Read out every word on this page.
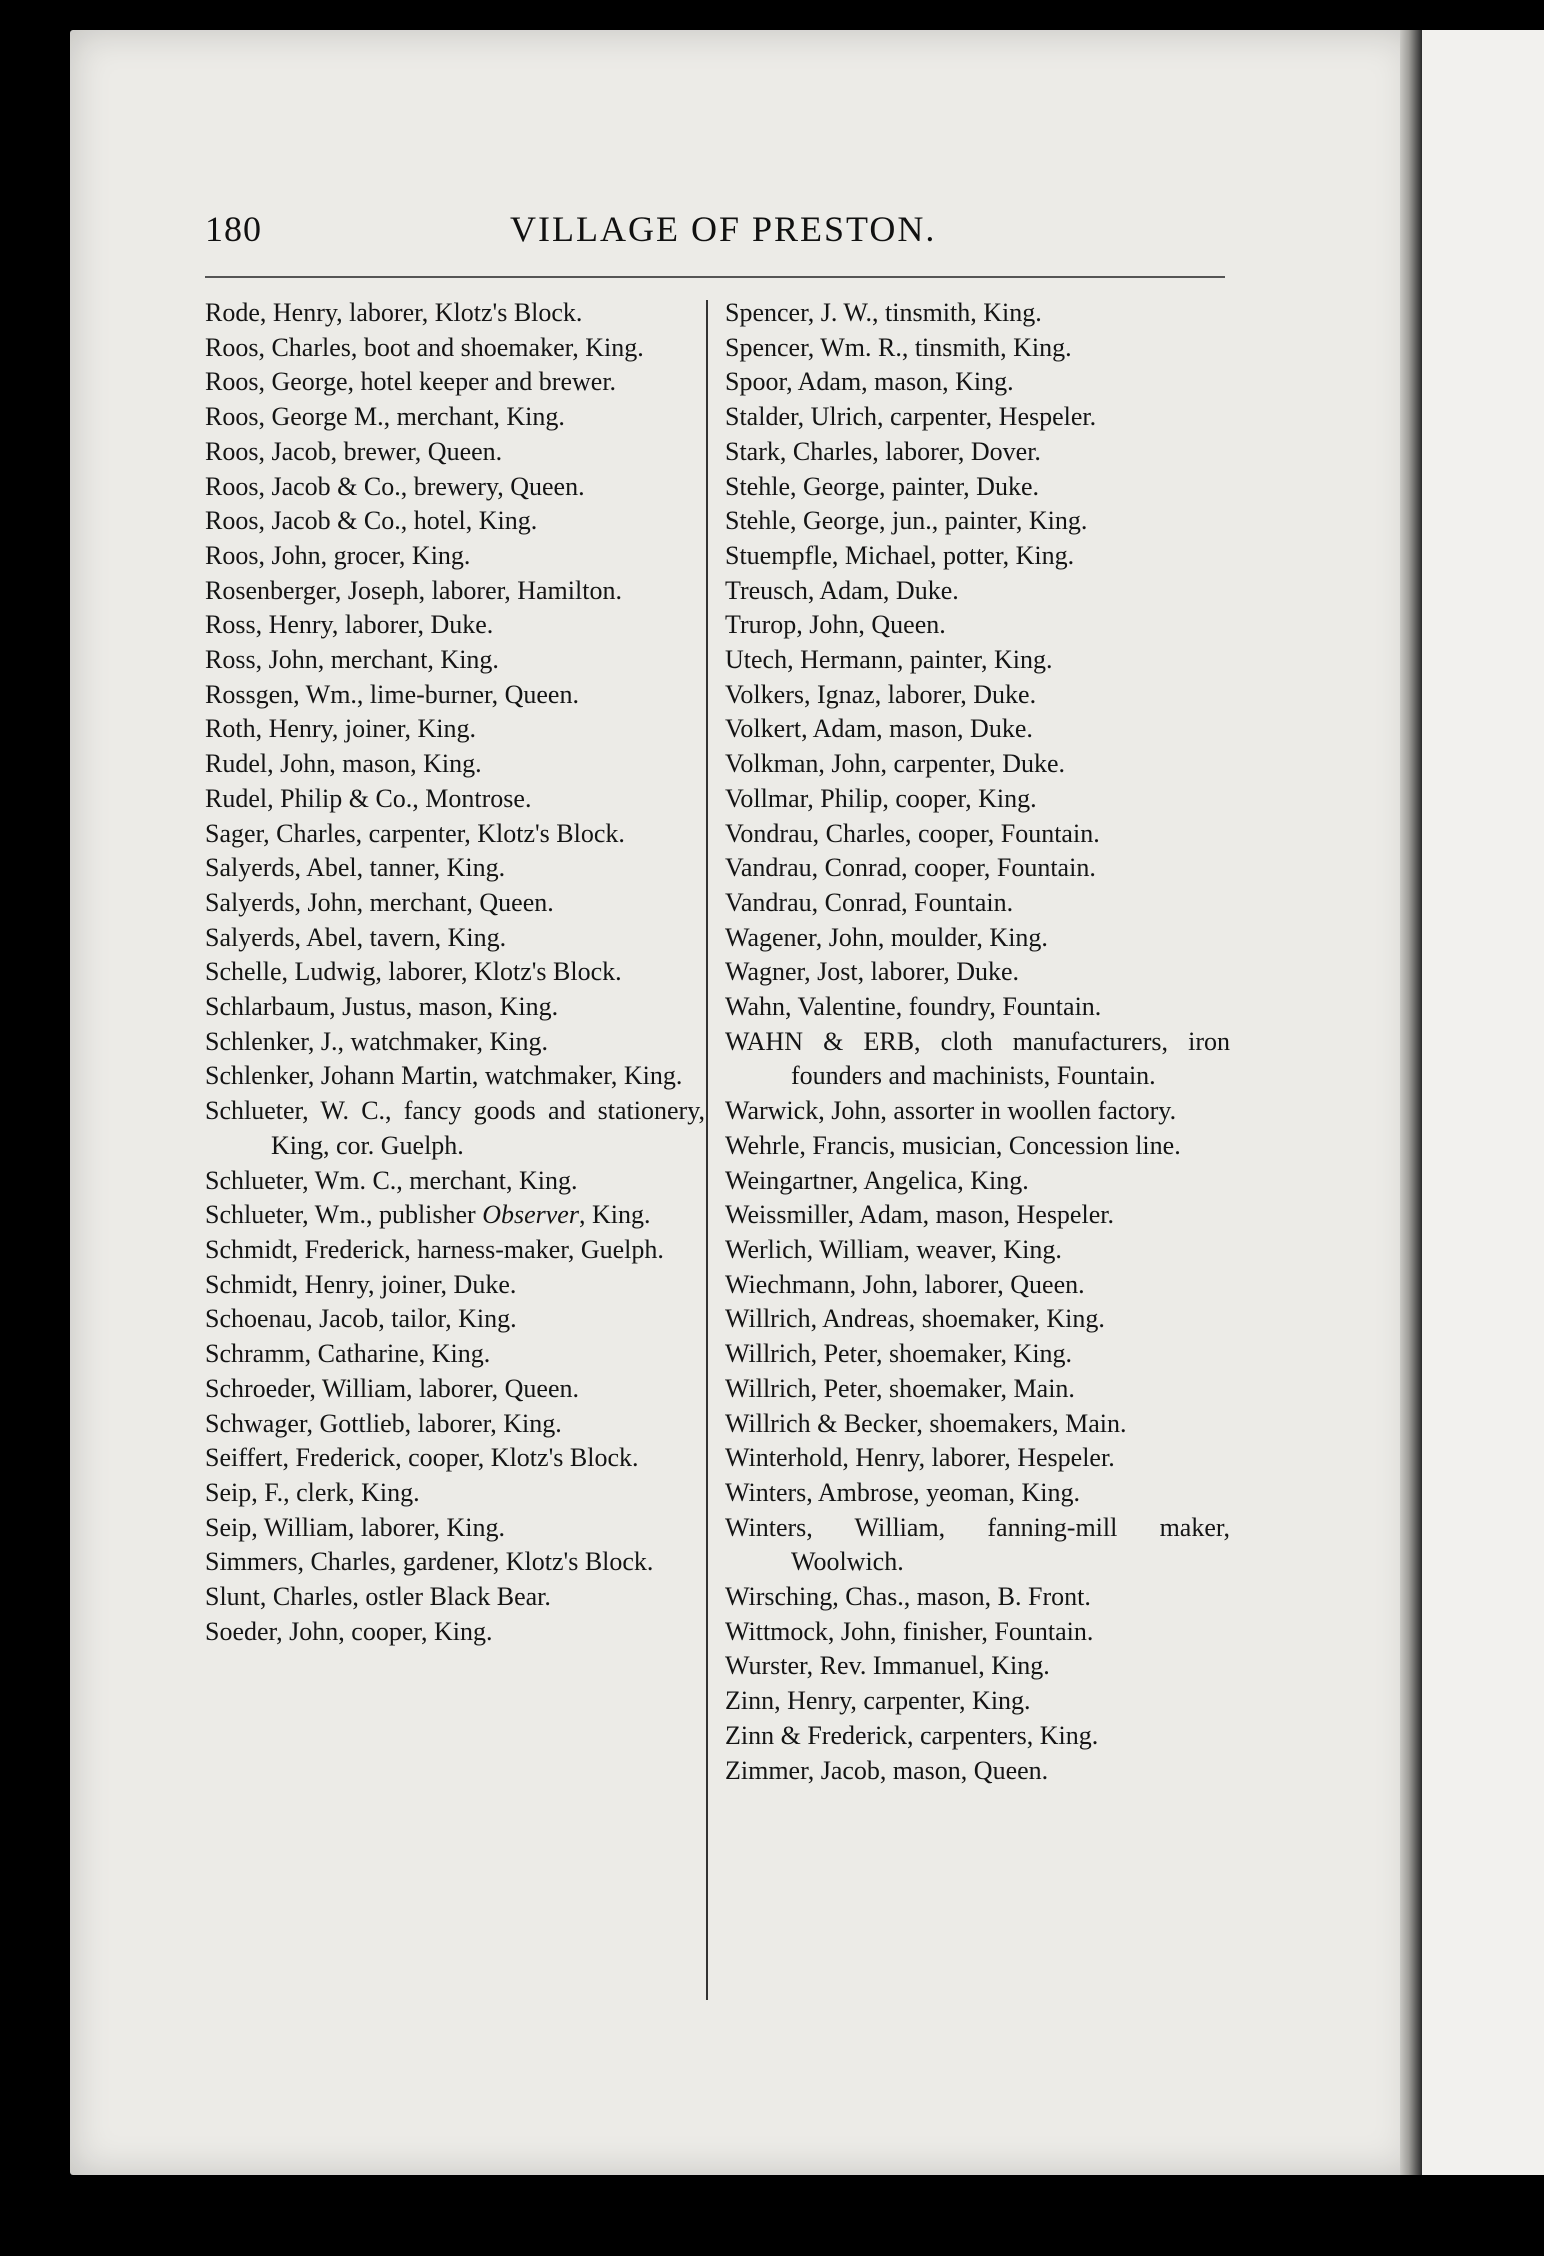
180	VILLAGE OF PRESTON.

Rode, Henry, laborer, Klotz's Block.

Roos, Charles, boot and shoemaker, King.

Roos, George, hotel keeper and brewer.

Roos, George M., merchant, King.

Roos, Jacob, brewer, Queen.

Roos, Jacob & Co., brewery, Queen.

Roos, Jacob & Co., hotel, King.

Roos, John, grocer, King.

Rosenberger, Joseph, laborer, Hamilton.

Ross, Henry, laborer, Duke.

Ross, John, merchant, King.

Rossgen, Wm., lime-burner, Queen.

Roth, Henry, joiner, King.

Rudel, John, mason, King.

Rudel, Philip & Co., Montrose.

Sager, Charles, carpenter, Klotz's Block.

Salyerds, Abel, tanner, King.

Salyerds, John, merchant, Queen.

Salyerds, Abel, tavern, King.

Schelle, Ludwig, laborer, Klotz's Block.

Schlarbaum, Justus, mason, King.

Schlenker, J., watchmaker, King.

Schlenker, Johann Martin, watchmaker, King.

Schlueter, W. C., fancy goods and stationery, King, cor. Guelph.

Schlueter, Wm. C., merchant, King.

Schlueter, Wm., publisher Observer, King.

Schmidt, Frederick, harness-maker, Guelph.

Schmidt, Henry, joiner, Duke.

Schoenau, Jacob, tailor, King.

Schramm, Catharine, King.

Schroeder, William, laborer, Queen.

Schwager, Gottlieb, laborer, King.

Seiffert, Frederick, cooper, Klotz's Block.

Seip, F., clerk, King.

Seip, William, laborer, King.

Simmers, Charles, gardener, Klotz's Block.

Slunt, Charles, ostler Black Bear.

Soeder, John, cooper, King.

Spencer, J. W., tinsmith, King.

Spencer, Wm. R., tinsmith, King.

Spoor, Adam, mason, King.

Stalder, Ulrich, carpenter, Hespeler.

Stark, Charles, laborer, Dover.

Stehle, George, painter, Duke.

Stehle, George, jun., painter, King.

Stuempfle, Michael, potter, King.

Treusch, Adam, Duke.

Trurop, John, Queen.

Utech, Hermann, painter, King.

Volkers, Ignaz, laborer, Duke.

Volkert, Adam, mason, Duke.

Volkman, John, carpenter, Duke.

Vollmar, Philip, cooper, King.

Vondrau, Charles, cooper, Fountain.

Vandrau, Conrad, cooper, Fountain.

Vandrau, Conrad, Fountain.

Wagener, John, moulder, King.

Wagner, Jost, laborer, Duke.

Wahn, Valentine, foundry, Fountain.

WAHN & ERB, cloth manufacturers, iron founders and machinists, Fountain.

Warwick, John, assorter in woollen factory.

Wehrle, Francis, musician, Concession line.

Weingartner, Angelica, King.

Weissmiller, Adam, mason, Hespeler.

Werlich, William, weaver, King.

Wiechmann, John, laborer, Queen.

Willrich, Andreas, shoemaker, King.

Willrich, Peter, shoemaker, King.

Willrich, Peter, shoemaker, Main.

Willrich & Becker, shoemakers, Main.

Winterhold, Henry, laborer, Hespeler.

Winters, Ambrose, yeoman, King.

Winters, William, fanning-mill maker, Woolwich.

Wirsching, Chas., mason, B. Front.

Wittmock, John, finisher, Fountain.

Wurster, Rev. Immanuel, King.

Zinn, Henry, carpenter, King.

Zinn & Frederick, carpenters, King.

Zimmer, Jacob, mason, Queen.
